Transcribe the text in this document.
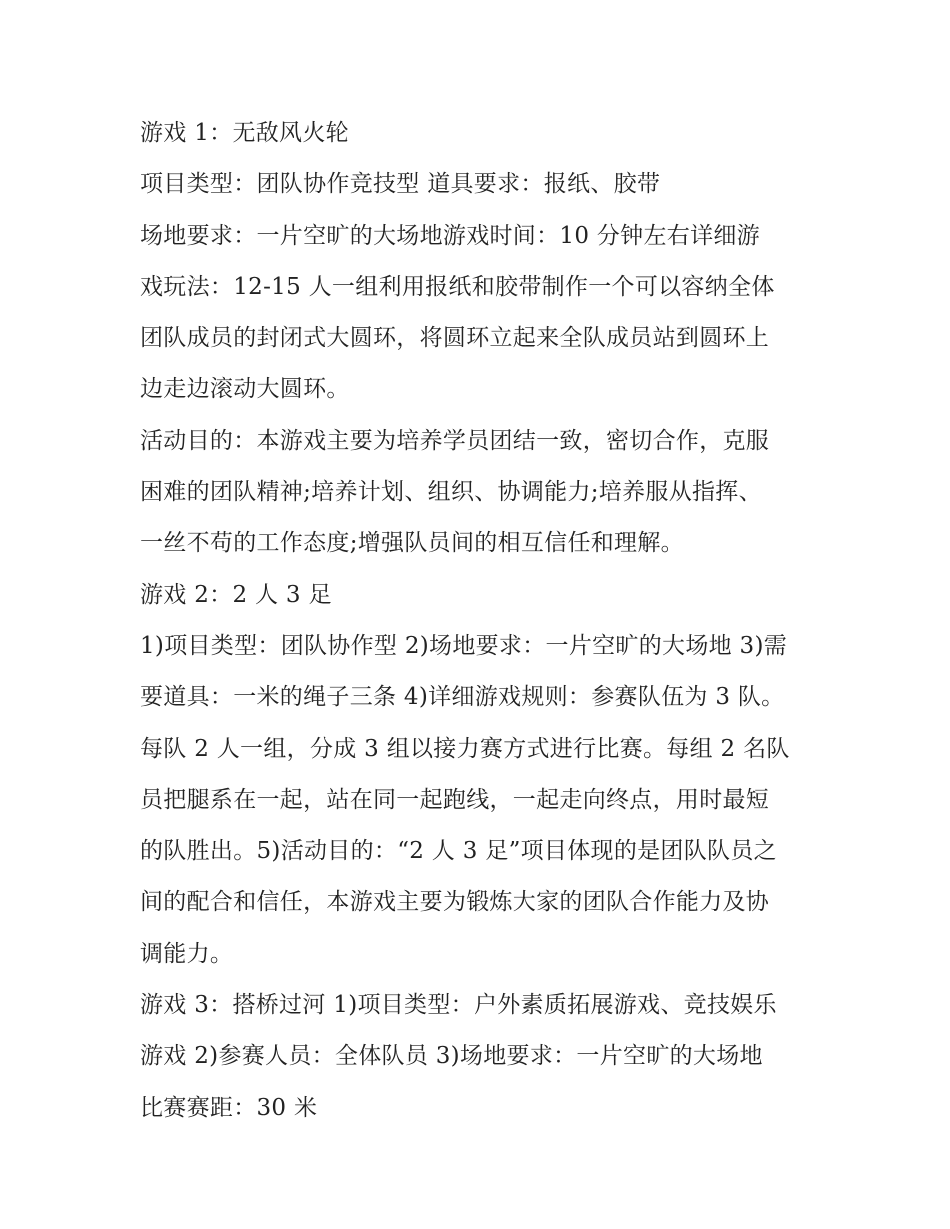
游戏 1：无敌风火轮
项目类型：团队协作竞技型 道具要求：报纸、胶带
场地要求：一片空旷的大场地游戏时间：10 分钟左右详细游
戏玩法：12-15 人一组利用报纸和胶带制作一个可以容纳全体
团队成员的封闭式大圆环，将圆环立起来全队成员站到圆环上
边走边滚动大圆环。
活动目的：本游戏主要为培养学员团结一致，密切合作，克服
困难的团队精神;培养计划、组织、协调能力;培养服从指挥、
一丝不苟的工作态度;增强队员间的相互信任和理解。
游戏 2：2 人 3 足
1)项目类型：团队协作型 2)场地要求：一片空旷的大场地 3)需
要道具：一米的绳子三条 4)详细游戏规则：参赛队伍为 3 队。
每队 2 人一组，分成 3 组以接力赛方式进行比赛。每组 2 名队
员把腿系在一起，站在同一起跑线，一起走向终点，用时最短
的队胜出。5)活动目的：“2 人 3 足”项目体现的是团队队员之
间的配合和信任，本游戏主要为锻炼大家的团队合作能力及协
调能力。
游戏 3：搭桥过河 1)项目类型：户外素质拓展游戏、竞技娱乐
游戏 2)参赛人员：全体队员 3)场地要求：一片空旷的大场地
比赛赛距：30 米
